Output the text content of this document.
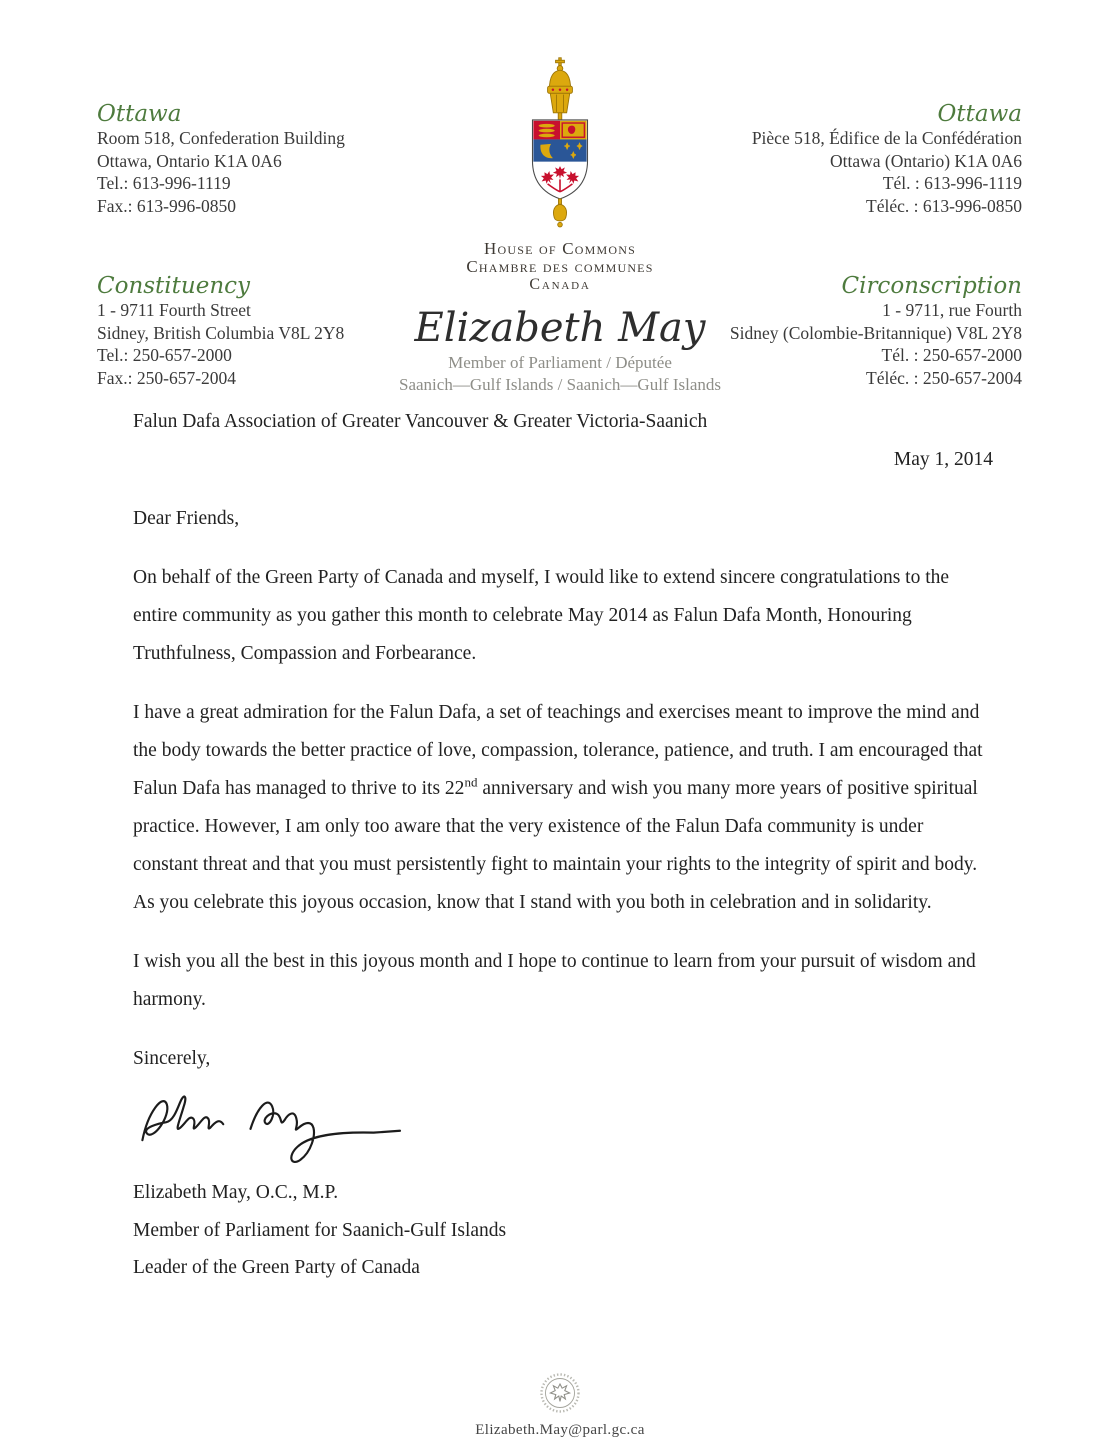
Ottawa
Room 518, Confederation Building
Ottawa, Ontario K1A 0A6
Tel.: 613-996-1119
Fax.: 613-996-0850
Ottawa
Pièce 518, Édifice de la Confédération
Ottawa (Ontario) K1A 0A6
Tél. : 613-996-1119
Téléc. : 613-996-0850
Constituency
1 - 9711 Fourth Street
Sidney, British Columbia V8L 2Y8
Tel.: 250-657-2000
Fax.: 250-657-2004
Circonscription
1 - 9711, rue Fourth
Sidney (Colombie-Britannique) V8L 2Y8
Tél. : 250-657-2000
Téléc. : 250-657-2004
House of Commons
Chambre des communes
Canada
Elizabeth May
Member of Parliament / Députée
Saanich—Gulf Islands / Saanich—Gulf Islands

Falun Dafa Association of Greater Vancouver & Greater Victoria-Saanich

May 1, 2014

Dear Friends,

On behalf of the Green Party of Canada and myself, I would like to extend sincere congratulations to the entire community as you gather this month to celebrate May 2014 as Falun Dafa Month, Honouring Truthfulness, Compassion and Forbearance.

I have a great admiration for the Falun Dafa, a set of teachings and exercises meant to improve the mind and the body towards the better practice of love, compassion, tolerance, patience, and truth. I am encouraged that Falun Dafa has managed to thrive to its 22nd anniversary and wish you many more years of positive spiritual practice. However, I am only too aware that the very existence of the Falun Dafa community is under constant threat and that you must persistently fight to maintain your rights to the integrity of spirit and body. As you celebrate this joyous occasion, know that I stand with you both in celebration and in solidarity.

I wish you all the best in this joyous month and I hope to continue to learn from your pursuit of wisdom and harmony.

Sincerely,

Elizabeth May, O.C., M.P.
Member of Parliament for Saanich-Gulf Islands
Leader of the Green Party of Canada
Elizabeth.May@parl.gc.ca
